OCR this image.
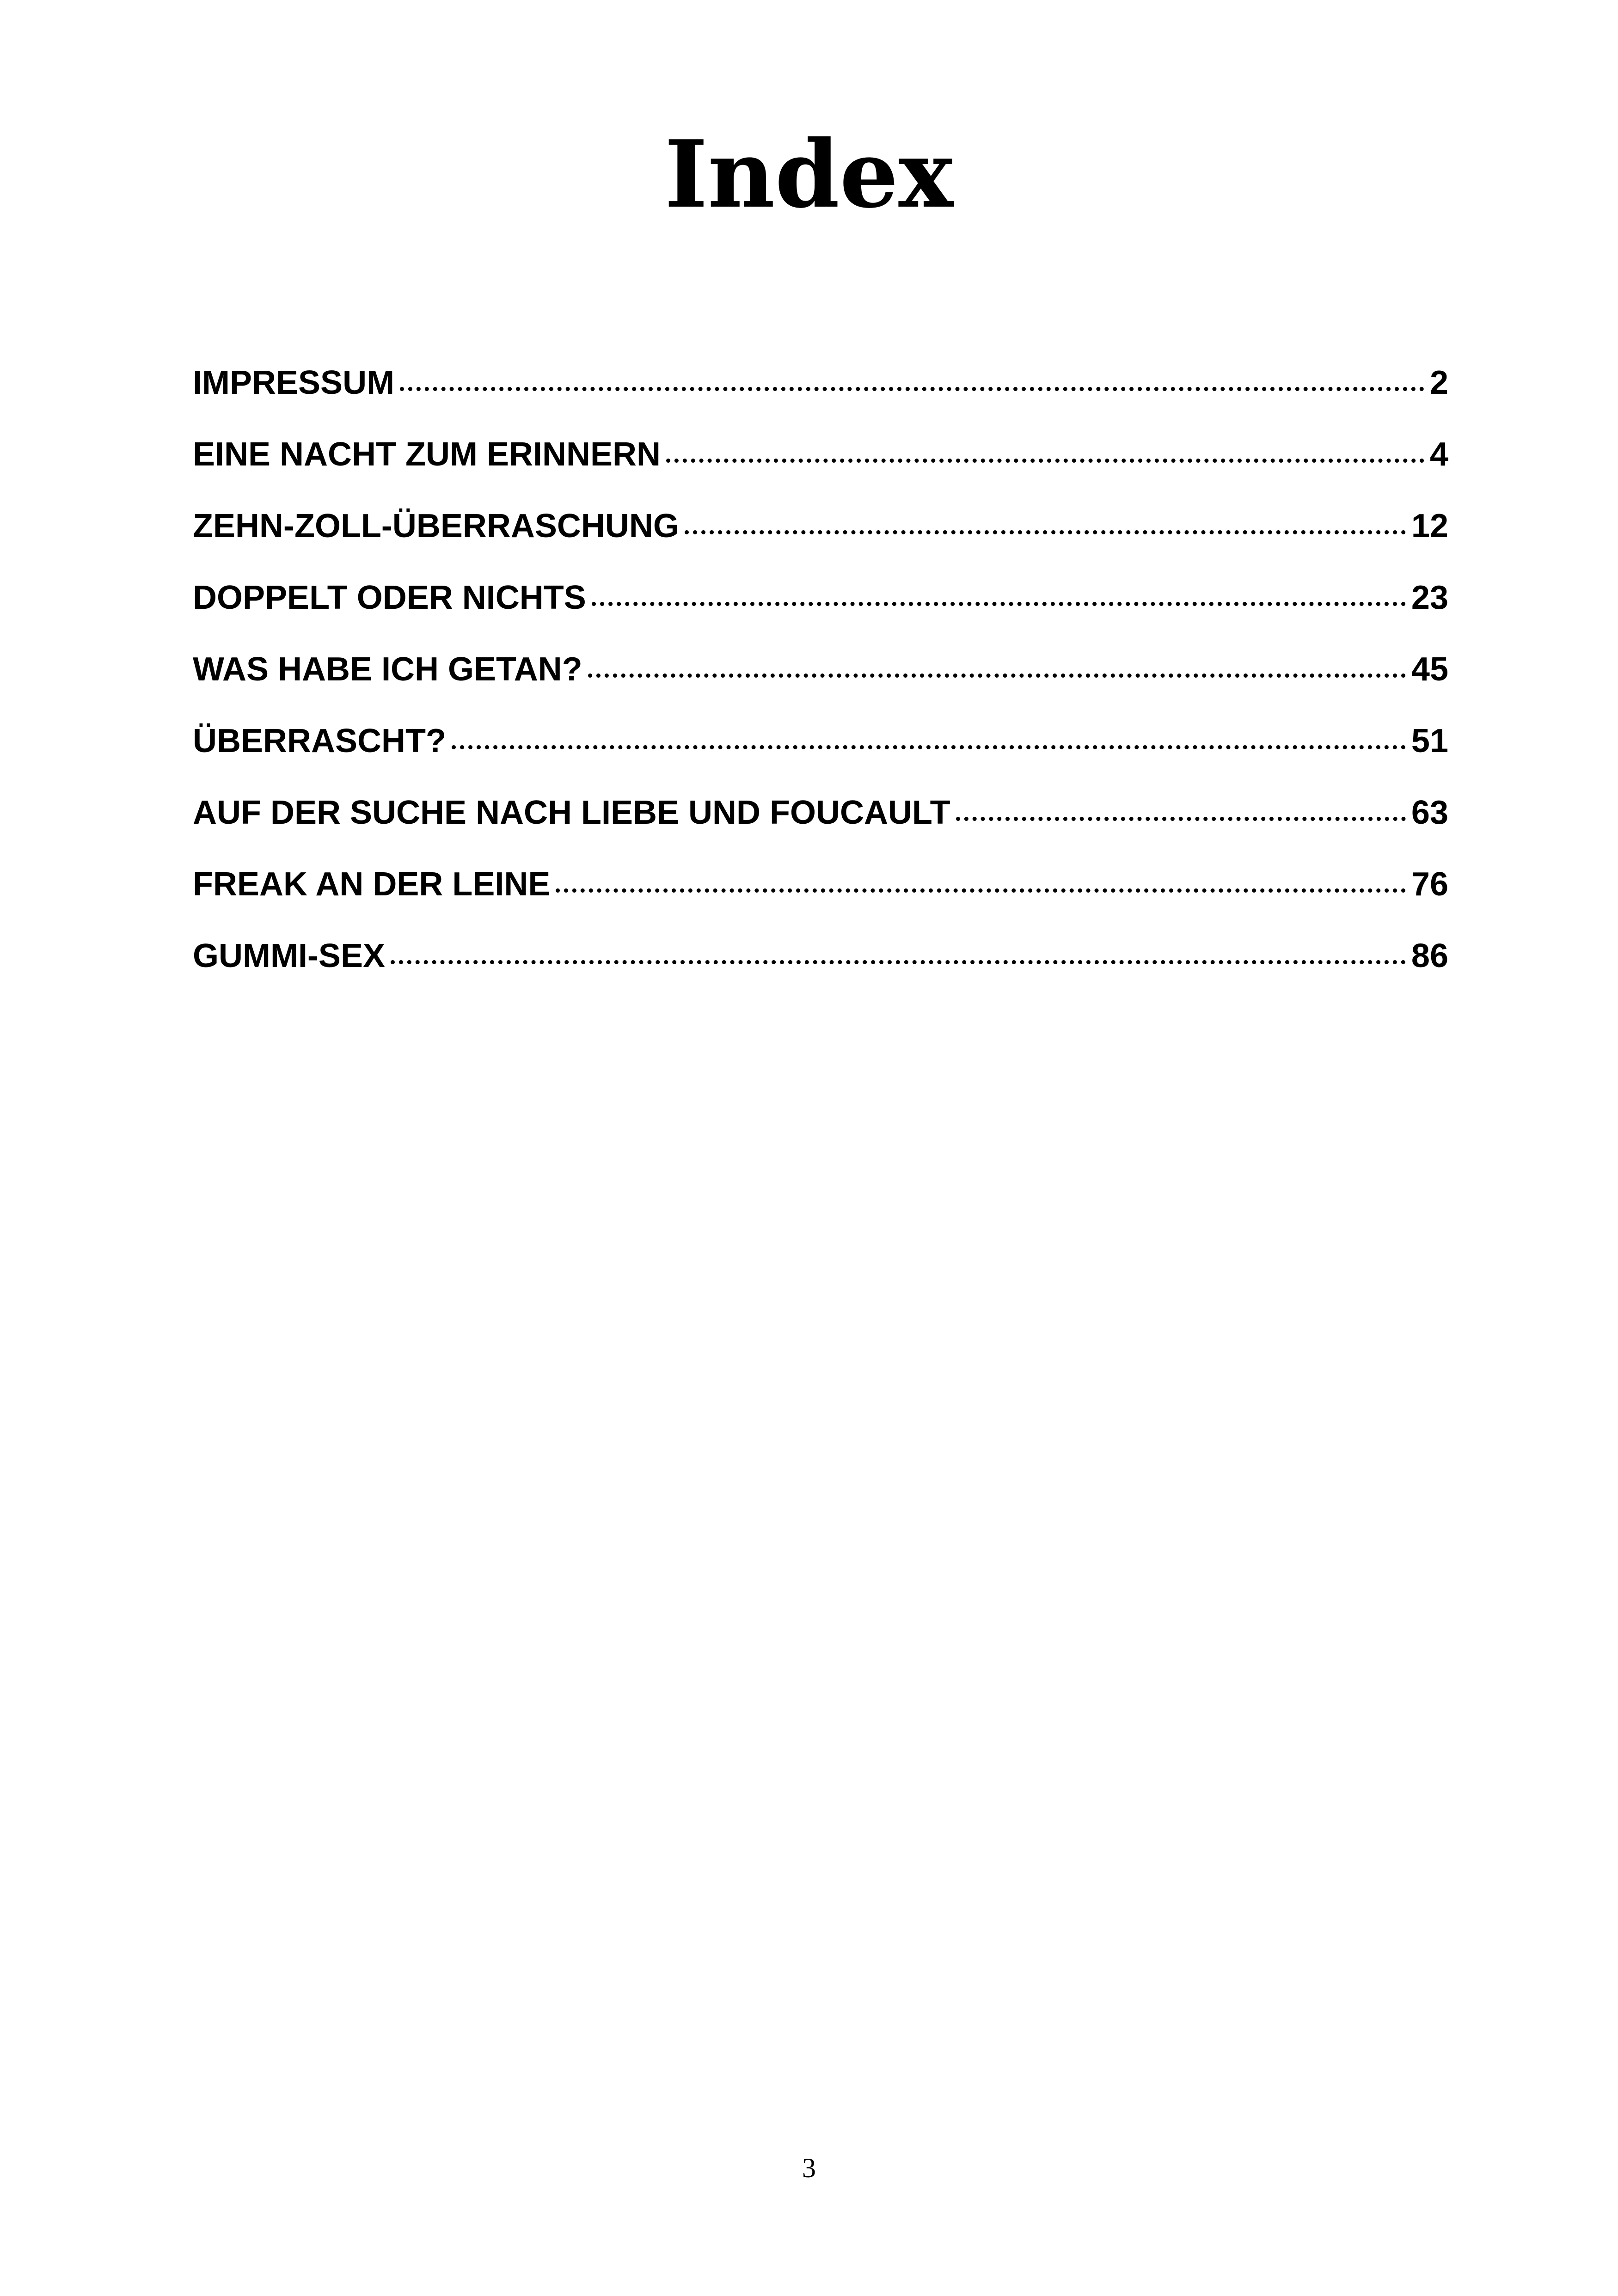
Index
IMPRESSUM	2
EINE NACHT ZUM ERINNERN	4
ZEHN-ZOLL-ÜBERRASCHUNG	12
DOPPELT ODER NICHTS	23
WAS HABE ICH GETAN?	45
ÜBERRASCHT?	51
AUF DER SUCHE NACH LIEBE UND FOUCAULT	63
FREAK AN DER LEINE	76
GUMMI-SEX	86
3
